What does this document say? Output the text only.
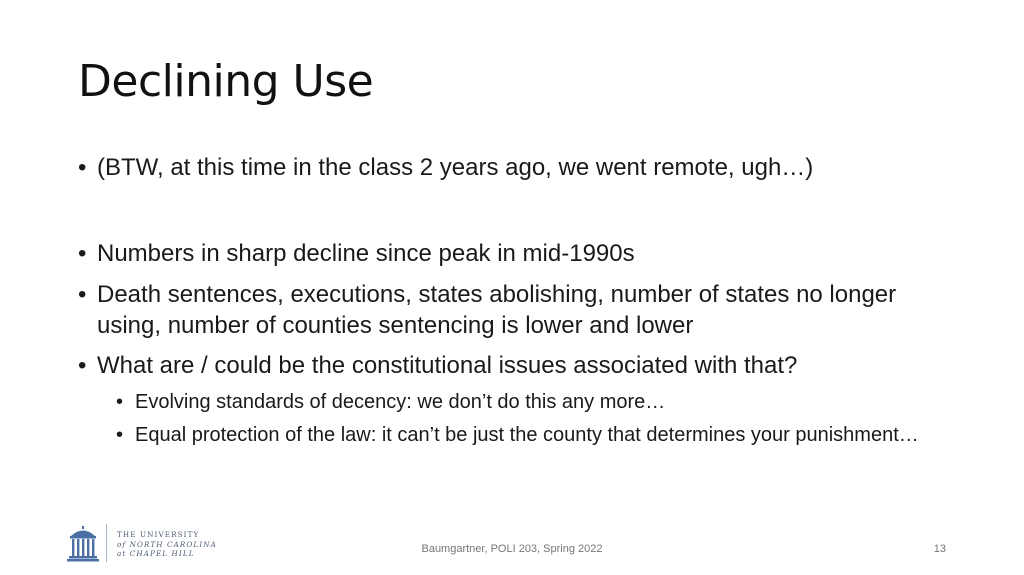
Declining Use
• (BTW, at this time in the class 2 years ago, we went remote, ugh…)
• Numbers in sharp decline since peak in mid-1990s
• Death sentences, executions, states abolishing, number of states no longer using, number of counties sentencing is lower and lower
• What are / could be the constitutional issues associated with that?
• Evolving standards of decency: we don’t do this any more…
• Equal protection of the law: it can’t be just the county that determines your punishment…
THE UNIVERSITY
of NORTH CAROLINA
at CHAPEL HILL	Baumgartner, POLI 203, Spring 2022	13
